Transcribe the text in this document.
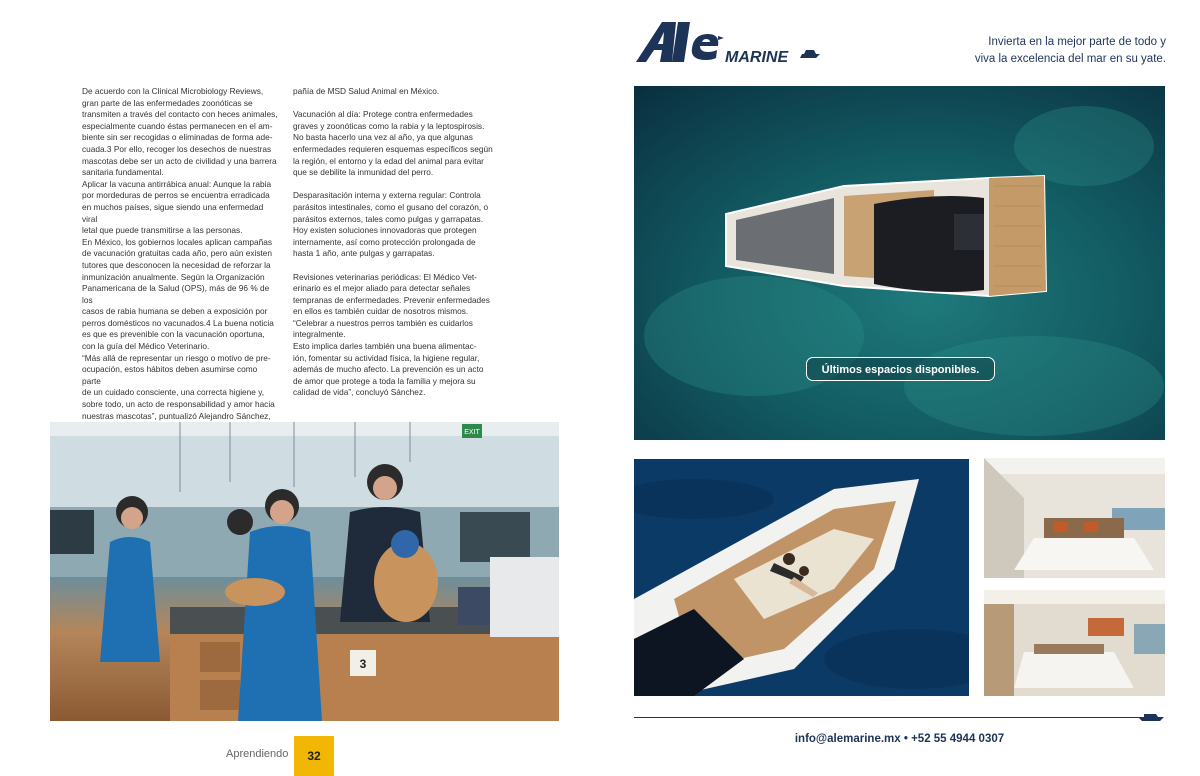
De acuerdo con la Clinical Microbiology Reviews,
gran parte de las enfermedades zoonóticas se
transmiten a través del contacto con heces animales,
especialmente cuando éstas permanecen en el am-
biente sin ser recogidas o eliminadas de forma ade-
cuada.3 Por ello, recoger los desechos de nuestras
mascotas debe ser un acto de civilidad y una barrera
sanitaria fundamental.

Aplicar la vacuna antirrábica anual: Aunque la rabia
por mordeduras de perros se encuentra erradicada
en muchos países, sigue siendo una enfermedad viral
letal que puede transmitirse a las personas.

En México, los gobiernos locales aplican campañas
de vacunación gratuitas cada año, pero aún existen
tutores que desconocen la necesidad de reforzar la
inmunización anualmente. Según la Organización
Panamericana de la Salud (OPS), más de 96 % de los
casos de rabia humana se deben a exposición por
perros domésticos no vacunados.4 La buena noticia
es que es prevenible con la vacunación oportuna,
con la guía del Médico Veterinario.

“Más allá de representar un riesgo o motivo de pre-
ocupación, estos hábitos deben asumirse como parte
de un cuidado consciente, una correcta higiene y,
sobre todo, un acto de responsabilidad y amor hacia
nuestras mascotas”, puntualizó Alejandro Sánchez,

pañía de MSD Salud Animal en México.

Vacunación al día: Protege contra enfermedades
graves y zoonóticas como la rabia y la leptospirosis.
No basta hacerlo una vez al año, ya que algunas
enfermedades requieren esquemas específicos según
la región, el entorno y la edad del animal para evitar
que se debilite la inmunidad del perro.

Desparasitación interna y externa regular: Controla
parásitos intestinales, como el gusano del corazón, o
parásitos externos, tales como pulgas y garrapatas.
Hoy existen soluciones innovadoras que protegen
internamente, así como protección prolongada de
hasta 1 año, ante pulgas y garrapatas.

Revisiones veterinarias periódicas: El Médico Vet-
erinario es el mejor aliado para detectar señales
tempranas de enfermedades. Prevenir enfermedades
en ellos es también cuidar de nosotros mismos.
“Celebrar a nuestros perros también es cuidarlos
integralmente.
Esto implica darles también una buena alimentac-
ión, fomentar su actividad física, la higiene regular,
además de mucho afecto. La prevención es un acto
de amor que protege a toda la familia y mejora su
calidad de vida”, concluyó Sánchez.

EXIT
3
Aprendiendo 32
MARINE
Invierta en la mejor parte de todo y
viva la excelencia del mar en su yate.
Últimos espacios disponibles.
info@alemarine.mx • +52 55 4944 0307
